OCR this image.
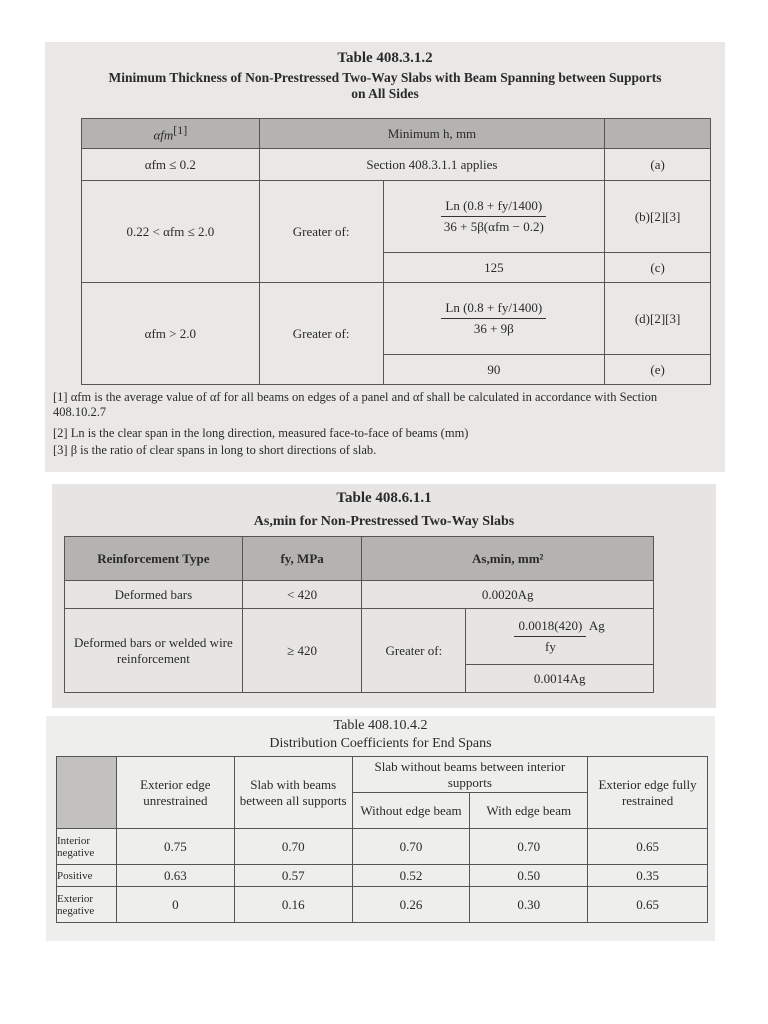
Table 408.3.1.2
Minimum Thickness of Non-Prestressed Two-Way Slabs with Beam Spanning between Supports on All Sides
αfm[1]	Minimum h, mm		
αfm ≤ 0.2	Section 408.3.1.1 applies		(a)
0.22 < αfm ≤ 2.0	Greater of:	$\frac{Ln (0.8 + fy/1400)}{\text{36 + 5β(αfm − 0.2)}}$	(b)[2][3]
		125	(c)
αfm > 2.0	Greater of:	$\frac{Ln (0.8 + fy/1400)}{36 + 9\beta}$	(d)[2][3]
		90	(e)
[1] αfm is the average value of αf for all beams on edges of a panel and αf shall be calculated in accordance with Section 408.10.2.7
[2] Ln is the clear span in the long direction, measured face-to-face of beams (mm)
[3] β is the ratio of clear spans in long to short directions of slab.
Table 408.6.1.1
As,min for Non-Prestressed Two-Way Slabs
Reinforcement Type	fy, MPa	As,min, mm²	
Deformed bars	< 420	0.0020Ag	
Deformed bars or welded wire reinforcement	≥ 420	Greater of:	$\frac{0.0018(420)}{fy}$ Ag
			0.0014Ag
Table 408.10.4.2
Distribution Coefficients for End Spans
	Exterior edge unrestrained	Slab with beams between all supports	Slab without beams between interior supports		Exterior edge fully restrained
			Without edge beam	With edge beam	
Interior negative	0.75	0.70	0.70	0.70	0.65
Positive	0.63	0.57	0.52	0.50	0.35
Exterior negative	0	0.16	0.26	0.30	0.65
